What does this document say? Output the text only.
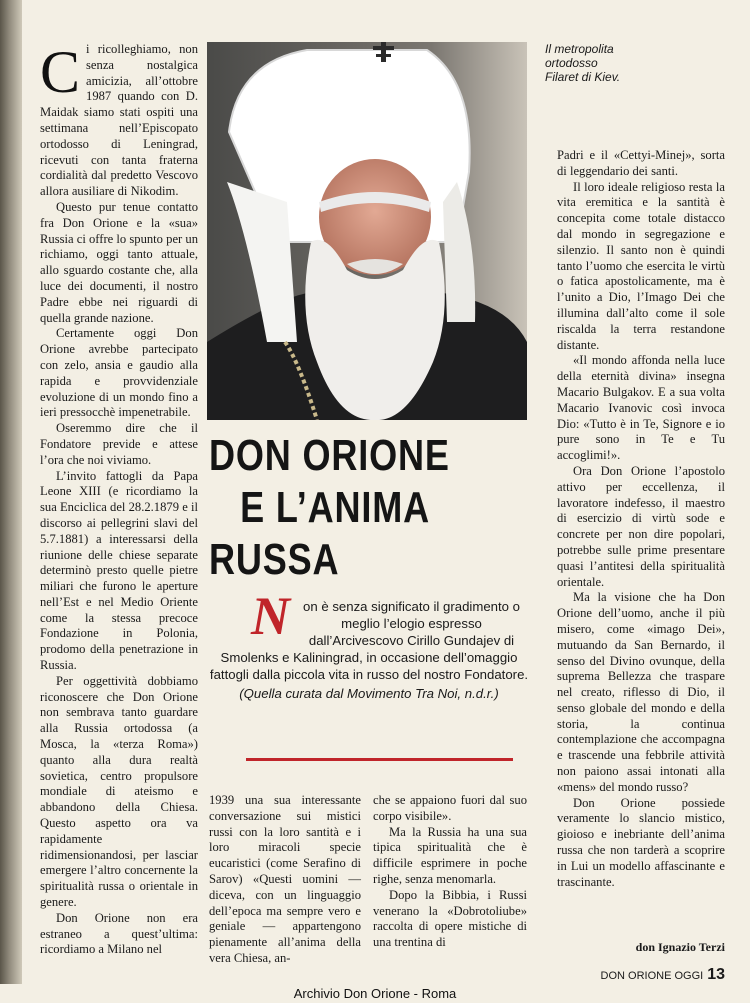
Ci ricolleghiamo, non senza nostalgica amicizia, all’ottobre 1987 quando con D. Maidak siamo stati ospiti una settimana nell’Episcopato ortodosso di Leningrad, ricevuti con tanta fraterna cordialità dal predetto Vescovo allora ausiliare di Nikodim.

Questo pur tenue contatto fra Don Orione e la «sua» Russia ci offre lo spunto per un richiamo, oggi tanto attuale, allo sguardo costante che, alla luce dei documenti, il nostro Padre ebbe nei riguardi di quella grande nazione.

Certamente oggi Don Orione avrebbe partecipato con zelo, ansia e gaudio alla rapida e provvidenziale evoluzione di un mondo fino a ieri pressocchè impenetrabile.

Oseremmo dire che il Fondatore previde e attese l’ora che noi viviamo.

L’invito fattogli da Papa Leone XIII (e ricordiamo la sua Enciclica del 28.2.1879 e il discorso ai pellegrini slavi del 5.7.1881) a interessarsi della riunione delle chiese separate determinò presto quelle pietre miliari che furono le aperture nell’Est e nel Medio Oriente come la stessa precoce Fondazione in Polonia, prodomo della penetrazione in Russia.

Per oggettività dobbiamo riconoscere che Don Orione non sembrava tanto guardare alla Russia ortodossa (a Mosca, la «terza Roma») quanto alla dura realtà sovietica, centro propulsore mondiale di ateismo e abbandono della Chiesa. Questo aspetto ora va rapidamente ridimensionandosi, per lasciar emergere l’altro concernente la spiritualità russa o orientale in genere.

Don Orione non era estraneo a quest’ultima: ricordiamo a Milano nel

Il metropolita
ortodosso
Filaret di Kiev.

Padri e il «Cettyi-Minej», sorta di leggendario dei santi.

Il loro ideale religioso resta la vita eremitica e la santità è concepita come totale distacco dal mondo in segregazione e silenzio. Il santo non è quindi tanto l’uomo che esercita le virtù o fatica apostolicamente, ma è l’unito a Dio, l’Imago Dei che illumina dall’alto come il sole riscalda la terra restandone distante.

«Il mondo affonda nella luce della eternità divina» insegna Macario Bulgakov. E a sua volta Macario Ivanovic così invoca Dio: «Tutto è in Te, Signore e io pure sono in Te e Tu accoglimi!».

Ora Don Orione l’apostolo attivo per eccellenza, il lavoratore indefesso, il maestro di esercizio di virtù sode e concrete per non dire popolari, potrebbe sulle prime presentare quasi l’antitesi della spiritualità orientale.

Ma la visione che ha Don Orione dell’uomo, anche il più misero, come «imago Dei», mutuando da San Bernardo, il senso del Divino ovunque, della suprema Bellezza che traspare nel creato, riflesso di Dio, il senso globale del mondo e della storia, la continua contemplazione che accompagna e trascende una febbrile attività non paiono assai intonati alla «mens» del mondo russo?

Don Orione possiede veramente lo slancio mistico, gioioso e inebriante dell’anima russa che non tarderà a scoprire in Lui un modello affascinante e trascinante.

DON ORIONE
E L’ANIMA
RUSSA
N on è senza significato il gradimento o meglio l’elogio espresso dall’Arcivescovo Cirillo Gundajev di Smolenks e Kaliningrad, in occasione dell’omaggio fattogli dalla piccola vita in russo del nostro Fondatore.
(Quella curata dal Movimento Tra Noi, n.d.r.)

1939 una sua interessante conversazione sui mistici russi con la loro santità e i loro miracoli specie eucaristici (come Serafino di Sarov) «Questi uomini — diceva, con un linguaggio dell’epoca ma sempre vero e geniale — appartengono pienamente all’anima della vera Chiesa, an-

che se appaiono fuori dal suo corpo visibile».

Ma la Russia ha una sua tipica spiritualità che è difficile esprimere in poche righe, senza menomarla.

Dopo la Bibbia, i Russi venerano la «Dobrotoliube» raccolta di opere mistiche di una trentina di	don Ignazio Terzi
DON ORIONE OGGI 13
Archivio Don Orione - Roma
